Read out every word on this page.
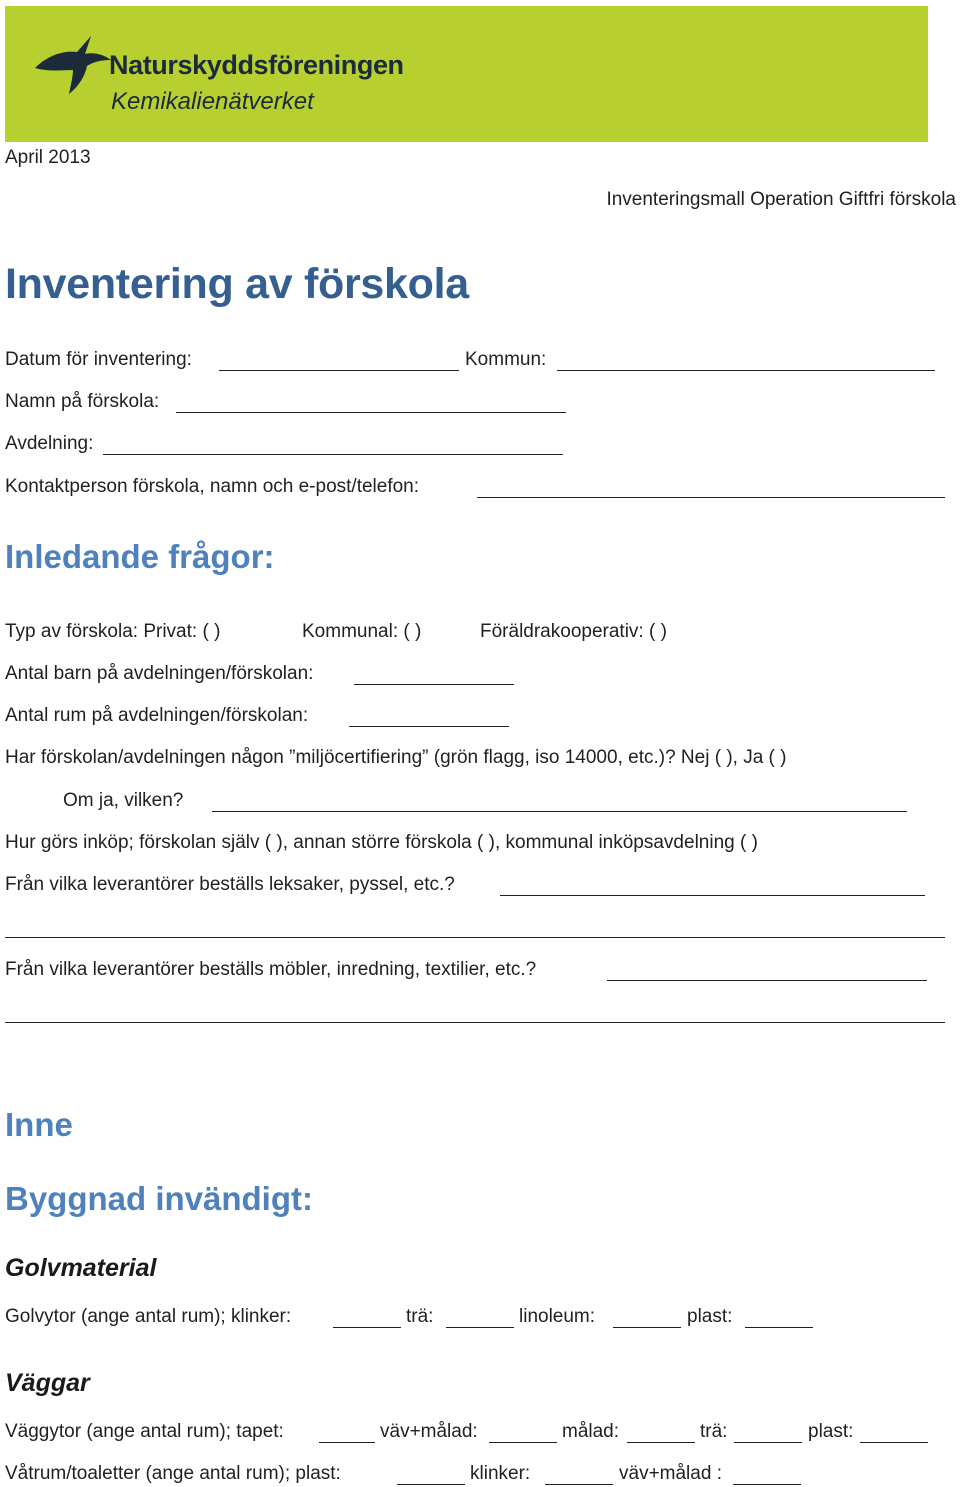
Naturskyddsföreningen
Kemikalienätverket
April 2013
Inventeringsmall Operation Giftfri förskola
Inventering av förskola
Datum för inventering:	Kommun:
Namn på förskola:
Avdelning:
Kontaktperson förskola, namn och e-post/telefon:
Inledande frågor:
Typ av förskola: Privat: ( )	Kommunal: ( )	Föräldrakooperativ: ( )
Antal barn på avdelningen/förskolan:
Antal rum på avdelningen/förskolan:
Har förskolan/avdelningen någon ”miljöcertifiering” (grön flagg, iso 14000, etc.)? Nej ( ), Ja ( )
Om ja, vilken?
Hur görs inköp; förskolan själv ( ), annan större förskola ( ), kommunal inköpsavdelning ( )
Från vilka leverantörer beställs leksaker, pyssel, etc.?
Från vilka leverantörer beställs möbler, inredning, textilier, etc.?
Inne
Byggnad invändigt:
Golvmaterial
Golvytor (ange antal rum); klinker:	trä:	linoleum:	plast:
Väggar
Väggytor (ange antal rum); tapet:	väv+målad:	målad:	trä:	plast:
Våtrum/toaletter (ange antal rum); plast:	klinker:	väv+målad :
